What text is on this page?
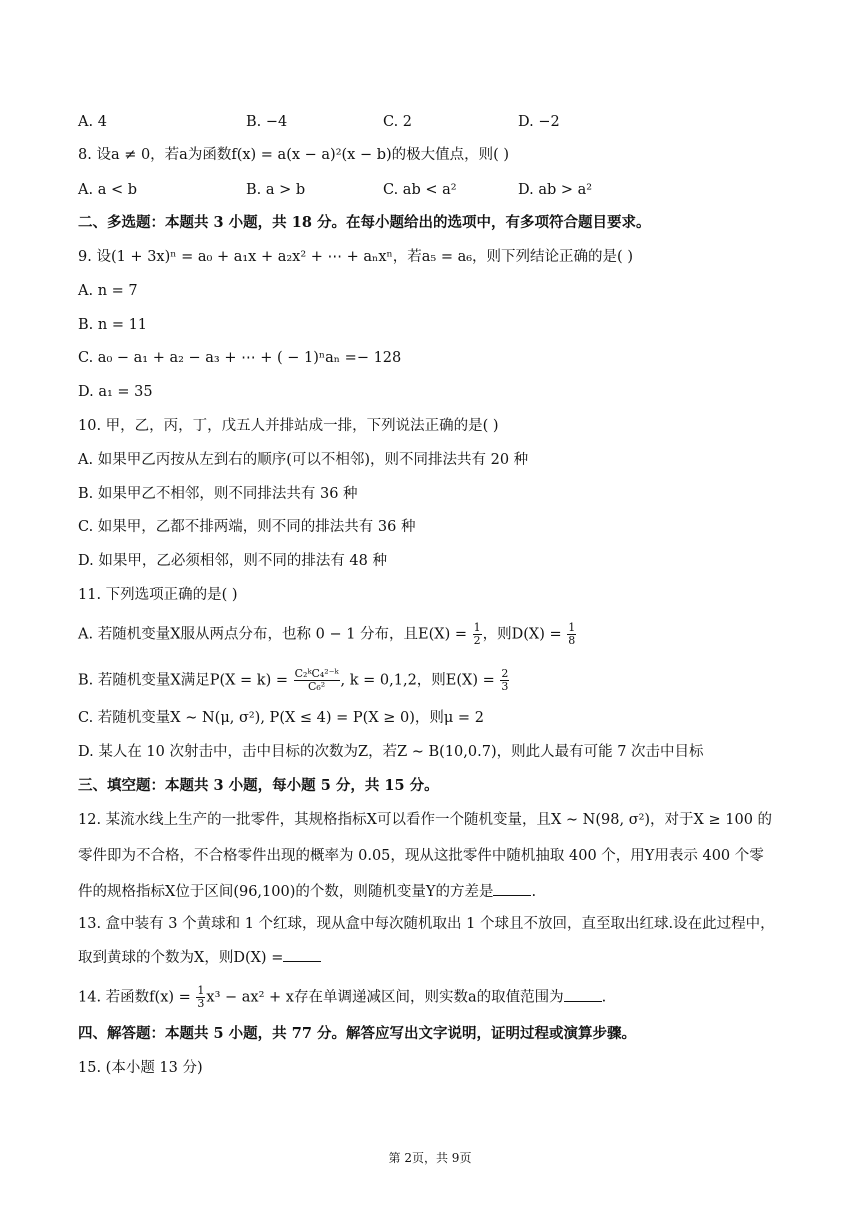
A. 4	B. −4	C. 2	D. −2
8. 设a ≠ 0，若a为函数f(x) = a(x − a)²(x − b)的极大值点，则( )
A. a < b	B. a > b	C. ab < a²	D. ab > a²
二、多选题：本题共 3 小题，共 18 分。在每小题给出的选项中，有多项符合题目要求。
9. 设(1 + 3x)ⁿ = a₀ + a₁x + a₂x² + ⋯ + aₙxⁿ，若a₅ = a₆，则下列结论正确的是( )
A. n = 7
B. n = 11
C. a₀ − a₁ + a₂ − a₃ + ⋯ + ( − 1)ⁿaₙ =− 128
D. a₁ = 35
10. 甲，乙，丙，丁，戊五人并排站成一排，下列说法正确的是( )
A. 如果甲乙丙按从左到右的顺序(可以不相邻)，则不同排法共有 20 种
B. 如果甲乙不相邻，则不同排法共有 36 种
C. 如果甲，乙都不排两端，则不同的排法共有 36 种
D. 如果甲，乙必须相邻，则不同的排法有 48 种
11. 下列选项正确的是( )
A. 若随机变量X服从两点分布，也称 0 − 1 分布，且$E(X) = \frac{1}{2}$ ，则$D(X) = \frac{1}{8}$
B. 若随机变量X满足$P(X = k) = \frac{\text{C₂ᵏC₄²⁻ᵏ}}{\text{C₆²}}$ , k = 0,1,2，则$E(X) = \frac{2}{3}$
C. 若随机变量X ∼ N(μ, σ²), P(X ≤ 4) = P(X ≥ 0)，则μ = 2
D. 某人在 10 次射击中，击中目标的次数为Z，若Z ∼ B(10,0.7)，则此人最有可能 7 次击中目标
三、填空题：本题共 3 小题，每小题 5 分，共 15 分。
12. 某流水线上生产的一批零件，其规格指标X可以看作一个随机变量，且X ∼ N(98, σ²)，对于X ≥ 100 的
零件即为不合格，不合格零件出现的概率为 0.05，现从这批零件中随机抽取 400 个，用Y用表示 400 个零
件的规格指标X位于区间(96,100)的个数，则随机变量Y的方差是	.
13. 盒中装有 3 个黄球和 1 个红球，现从盒中每次随机取出 1 个球且不放回，直至取出红球.设在此过程中，
取到黄球的个数为X，则D(X) =
14. 若函数$f(x) = \frac{1}{3} x^3 - ax^2 + x$存在单调递减区间，则实数a的取值范围为	.
四、解答题：本题共 5 小题，共 77 分。解答应写出文字说明，证明过程或演算步骤。
15. (本小题 13 分)
第 2页，共 9页
